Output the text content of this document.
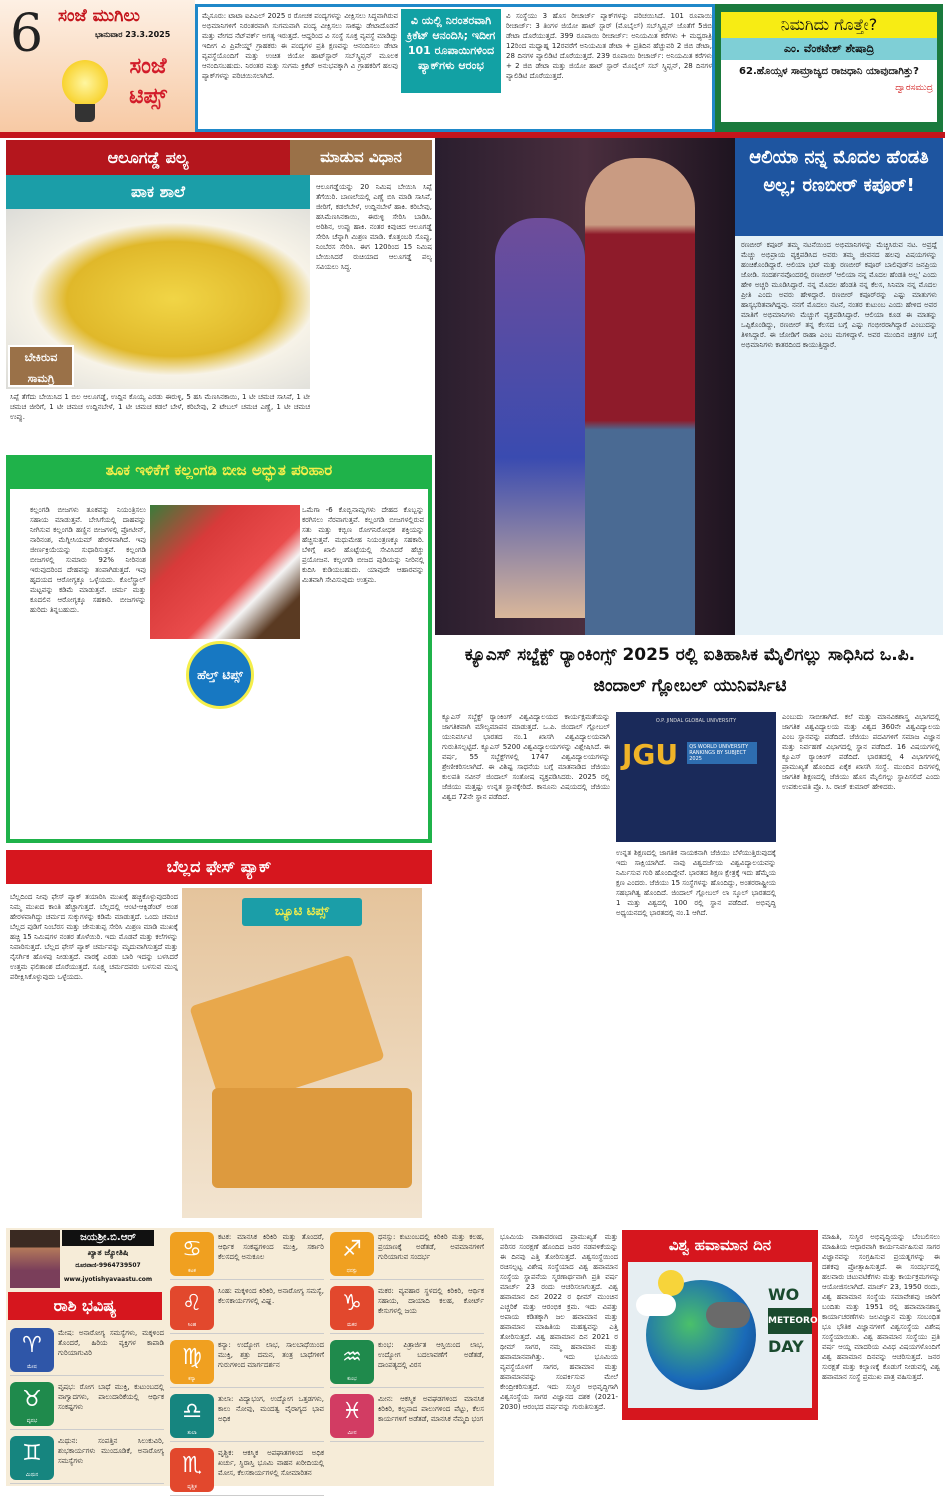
6 ಸಂಜೆ ಮುಗಿಲು
ಭಾನುವಾರ 23.3.2025
ಸಂಜೆ ಟಿಪ್ಸ್
ಮೈಸೂರು: ಟಾಟಾ ಐಪಿಎಲ್ 2025 ರ ರೋಚಕ ಪಂದ್ಯಗಳನ್ನು ವೀಕ್ಷಿಸಲು ಸಿದ್ಧವಾಗಿರುವ ಅಭಿಮಾನಿಗಳಿಗೆ ನಿರಂತರವಾಗಿ ಸುಗಮವಾಗಿ ಪಂದ್ಯ ವೀಕ್ಷಿಸಲು ಸಾಕಷ್ಟು ಡೇಟಾದೊಡನೆ ಮತ್ತು ವೇಗದ ನೆಟ್‌ವರ್ಕ್ ಅಗತ್ಯ ಇರುತ್ತದೆ. ಆದ್ದರಿಂದ ವಿ ಸಂಸ್ಥೆ ಸೂಕ್ತ ವ್ಯವಸ್ಥೆ ಮಾಡಿದ್ದು ಇದೀಗ ವಿ ಪ್ರಿಪೇಯ್ಡ್ ಗ್ರಾಹಕರು ಈ ಪಂದ್ಯಗಳ ಪ್ರತಿ ಕ್ಷಣವನ್ನು ಆನಂದಿಸಲು ಡೇಟಾ ವ್ಯವಸ್ಥೆಯೊಂದಿಗೆ ಮತ್ತು ಉಚಿತ ಜಿಯೋ ಹಾಟ್‌ಸ್ಟಾರ್ ಸಬ್‌ಸ್ಕ್ರಿಪ್ಷನ್ ಮೂಲಕ ಆನಂದಿಸಬಹುದು. ನಿರಂತರ ಮತ್ತು ಸುಗಮ ಕ್ರಿಕೆಟ್ ಅನುಭವಕ್ಕಾಗಿ ವಿ ಗ್ರಾಹಕರಿಗೆ ಹಲವು ಪ್ಯಾಕ್‌ಗಳನ್ನು ಪರಿಚಯಿಸಲಾಗಿದೆ.
ವಿ ಯಲ್ಲಿ ನಿರಂತರವಾಗಿ ಕ್ರಿಕೆಟ್ ಆನಂದಿಸಿ; ಇದೀಗ 101 ರೂಪಾಯಿಗಳಿಂದ ಪ್ಯಾಕ್‌ಗಳು ಆರಂಭ
ವಿ ಸಂಸ್ಥೆಯು 3 ಹೊಸ ರೀಚಾರ್ಜ್ ಪ್ಯಾಕ್‌ಗಳನ್ನು ಪರಿಚಯಿಸಿದೆ. 101 ರೂಪಾಯಿ ರೀಚಾರ್ಜ್: 3 ತಿಂಗಳ ಜಿಯೋ ಹಾಟ್ ಸ್ಟಾರ್ (ಮೊಬೈಲ್) ಸಬ್‌ಸ್ಕ್ರಿಪ್ಷನ್ ಜೊತೆಗೆ 5ಜಿಬಿ ಡೇಟಾ ದೊರೆಯುತ್ತದೆ. 399 ರೂಪಾಯಿ ರೀಚಾರ್ಜ್: ಅನಿಯಮಿತ ಕರೆಗಳು + ಮಧ್ಯರಾತ್ರಿ 12ರಿಂದ ಮಧ್ಯಾಹ್ನ 12ರವರೆಗೆ ಅನಿಯಮಿತ ಡೇಟಾ + ಪ್ರತಿದಿನ ಹೆಚ್ಚುವರಿ 2 ಜಿಬಿ ಡೇಟಾ, 28 ದಿನಗಳ ವ್ಯಾಲಿಡಿಟಿ ದೊರೆಯುತ್ತದೆ. 239 ರೂಪಾಯಿ ರೀಚಾರ್ಜ್: ಅನಿಯಮಿತ ಕರೆಗಳು + 2 ಜಿಬಿ ಡೇಟಾ ಮತ್ತು ಜಿಯೋ ಹಾಟ್ ಸ್ಟಾರ್ ಮೊಬೈಲ್ ಸಬ್ ಸ್ಕ್ರಿಪ್ಷನ್, 28 ದಿನಗಳ ವ್ಯಾಲಿಡಿಟಿ ದೊರೆಯುತ್ತದೆ.
ನಿಮಗಿದು ಗೊತ್ತೇ?
ಎಂ. ವೆಂಕಟೇಶ್ ಶೇಷಾದ್ರಿ
62.ಹೊಯ್ಸಳ ಸಾಮ್ರಾಜ್ಯದ ರಾಜಧಾನಿ ಯಾವುದಾಗಿತ್ತು?
ದ್ವಾರಸಮುದ್ರ
ಆಲೂಗಡ್ಡೆ ಪಲ್ಯ	ಮಾಡುವ ವಿಧಾನ
ಪಾಕ ಶಾಲೆ
ಬೇಕಿರುವ ಸಾಮಗ್ರಿ
ಆಲೂಗಡ್ಡೆಯನ್ನು 20 ನಿಮಿಷ ಬೇಯಿಸಿ ಸಿಪ್ಪೆ ತೆಗೆಯಿರಿ. ಬಾಣಲೆಯಲ್ಲಿ ಎಣ್ಣೆ ಬಿಸಿ ಮಾಡಿ ಸಾಸಿವೆ, ಜೀರಿಗೆ, ಕಡಲೆಬೇಳೆ, ಉದ್ದಿನಬೇಳೆ ಹಾಕಿ. ಕರಿಬೇವು, ಹಸಿಮೆಣಸಿನಕಾಯಿ, ಈರುಳ್ಳಿ ಸೇರಿಸಿ ಬಾಡಿಸಿ. ಅರಿಶಿನ, ಉಪ್ಪು ಹಾಕಿ. ನಂತರ ಕಿವುಚಿದ ಆಲೂಗಡ್ಡೆ ಸೇರಿಸಿ ಚೆನ್ನಾಗಿ ಮಿಶ್ರಣ ಮಾಡಿ. ಕೊತ್ತಂಬರಿ ಸೊಪ್ಪು, ನಿಂಬೆರಸ ಸೇರಿಸಿ. ಈಗ 120ರಿಂದ 15 ನಿಮಿಷ ಬೇಯಿಸಿದರೆ ರುಚಿಯಾದ ಆಲೂಗಡ್ಡೆ ಪಲ್ಯ ಸವಿಯಲು ಸಿದ್ಧ.
ಸಿಪ್ಪೆ ತೆಗೆದು ಬೇಯಿಸಿದ 1 ಬಿಲ ಆಲೂಗಡ್ಡೆ, ಉದ್ದಿನ ಕೊಯ್ಯ ಎರಡು ಈರುಳ್ಳಿ, 5 ಹಸಿ ಮೆಣಸಿನಕಾಯಿ, 1 ಟೀ ಚಮಚ ಸಾಸಿವೆ, 1 ಟೀ ಚಮಚ ಜೀರಿಗೆ, 1 ಟೀ ಚಮಚ ಉದ್ದಿನಬೇಳೆ, 1 ಟೀ ಚಮಚ ಕಡಲೆ ಬೇಳೆ, ಕರಿಬೇವು, 2 ಟೇಬಲ್ ಚಮಚ ಎಣ್ಣೆ, 1 ಟೀ ಚಮಚ ಉಪ್ಪು.
ತೂಕ ಇಳಿಕೆಗೆ ಕಲ್ಲಂಗಡಿ ಬೀಜ ಅದ್ಭುತ ಪರಿಹಾರ
ಕಲ್ಲಂಗಡಿ ಬೀಜಗಳು ತೂಕವನ್ನು ನಿಯಂತ್ರಿಸಲು ಸಹಾಯ ಮಾಡುತ್ತವೆ. ಬೇಸಿಗೆಯಲ್ಲಿ ದಾಹವನ್ನು ನೀಗಿಸುವ ಕಲ್ಲಂಗಡಿ ಹಣ್ಣಿನ ಬೀಜಗಳಲ್ಲಿ ಪ್ರೋಟೀನ್, ನಾರಿನಂಶ, ಮೆಗ್ನೀಸಿಯಮ್ ಹೇರಳವಾಗಿದೆ. ಇವು ಜೀರ್ಣಕ್ರಿಯೆಯನ್ನು ಸುಧಾರಿಸುತ್ತವೆ. ಕಲ್ಲಂಗಡಿ ಬೀಜಗಳಲ್ಲಿ ಸುಮಾರು 92% ನೀರಿನಂಶ ಇರುವುದರಿಂದ ದೇಹವನ್ನು ತಂಪಾಗಿಡುತ್ತದೆ. ಇವು ಹೃದಯದ ಆರೋಗ್ಯಕ್ಕೂ ಒಳ್ಳೆಯದು. ಕೊಲೆಸ್ಟ್ರಾಲ್ ಮಟ್ಟವನ್ನು ಕಡಿಮೆ ಮಾಡುತ್ತವೆ. ಚರ್ಮ ಮತ್ತು ಕೂದಲಿನ ಆರೋಗ್ಯಕ್ಕೂ ಸಹಕಾರಿ. ಬೀಜಗಳನ್ನು ಹುರಿದು ತಿನ್ನಬಹುದು.
ಹೆಲ್ತ್ ಟಿಪ್ಸ್
ಒಮೆಗಾ -6 ಕೊಬ್ಬಿನಾಮ್ಲಗಳು ದೇಹದ ಕೊಬ್ಬನ್ನು ಕರಗಿಸಲು ನೆರವಾಗುತ್ತವೆ. ಕಲ್ಲಂಗಡಿ ಬೀಜಗಳಲ್ಲಿರುವ ಸತು ಮತ್ತು ಕಬ್ಬಿಣ ರೋಗನಿರೋಧಕ ಶಕ್ತಿಯನ್ನು ಹೆಚ್ಚಿಸುತ್ತವೆ. ಮಧುಮೇಹ ನಿಯಂತ್ರಣಕ್ಕೂ ಸಹಕಾರಿ. ಬೆಳಿಗ್ಗೆ ಖಾಲಿ ಹೊಟ್ಟೆಯಲ್ಲಿ ಸೇವಿಸಿದರೆ ಹೆಚ್ಚು ಪ್ರಯೋಜನ. ಕಲ್ಲಂಗಡಿ ಬೀಜದ ಪುಡಿಯನ್ನು ನೀರಿನಲ್ಲಿ ಕುದಿಸಿ ಕುಡಿಯಬಹುದು. ಯಾವುದೇ ಆಹಾರವನ್ನು ಮಿತವಾಗಿ ಸೇವಿಸುವುದು ಉತ್ತಮ.
ಬೆಲ್ಲದ ಫೇಸ್ ಪ್ಯಾಕ್
ಬೆಲ್ಲದಿಂದ ನೀವು ಫೇಸ್ ಪ್ಯಾಕ್ ತಯಾರಿಸಿ ಮುಖಕ್ಕೆ ಹಚ್ಚಿಕೊಳ್ಳುವುದರಿಂದ ನಿಮ್ಮ ಮುಖದ ಕಾಂತಿ ಹೆಚ್ಚಾಗುತ್ತದೆ. ಬೆಲ್ಲದಲ್ಲಿ ಆಂಟಿ-ಆಕ್ಸಿಡೆಂಟ್ ಅಂಶ ಹೇರಳವಾಗಿದ್ದು ಚರ್ಮದ ಸುಕ್ಕುಗಳನ್ನು ಕಡಿಮೆ ಮಾಡುತ್ತದೆ. ಒಂದು ಚಮಚ ಬೆಲ್ಲದ ಪುಡಿಗೆ ನಿಂಬೆರಸ ಮತ್ತು ಜೇನುತುಪ್ಪ ಸೇರಿಸಿ ಮಿಶ್ರಣ ಮಾಡಿ ಮುಖಕ್ಕೆ ಹಚ್ಚಿ 15 ನಿಮಿಷಗಳ ನಂತರ ತೊಳೆಯಿರಿ. ಇದು ಮೊಡವೆ ಮತ್ತು ಕಲೆಗಳನ್ನು ನಿವಾರಿಸುತ್ತದೆ. ಬೆಲ್ಲದ ಫೇಸ್ ಪ್ಯಾಕ್ ಚರ್ಮವನ್ನು ಮೃದುವಾಗಿಸುತ್ತದೆ ಮತ್ತು ನೈಸರ್ಗಿಕ ಹೊಳಪು ನೀಡುತ್ತದೆ. ವಾರಕ್ಕೆ ಎರಡು ಬಾರಿ ಇದನ್ನು ಬಳಸಿದರೆ ಉತ್ತಮ ಫಲಿತಾಂಶ ದೊರೆಯುತ್ತದೆ. ಸೂಕ್ಷ್ಮ ಚರ್ಮದವರು ಬಳಸುವ ಮುನ್ನ ಪರೀಕ್ಷಿಸಿಕೊಳ್ಳುವುದು ಒಳ್ಳೆಯದು.
ಬ್ಯೂಟಿ ಟಿಪ್ಸ್
ಆಲಿಯಾ ನನ್ನ ಮೊದಲ ಹೆಂಡತಿ ಅಲ್ಲ; ರಣಬೀರ್ ಕಪೂರ್!
ರಣಬೀರ್ ಕಪೂರ್ ತಮ್ಮ ನಟನೆಯಿಂದ ಅಭಿಮಾನಿಗಳನ್ನು ಮೆಚ್ಚಿಸಿರುವ ನಟ. ಅವ್ರದ್ದೆ ಮೆಚ್ಚು ಅಭಿಪ್ರಾಯ ವ್ಯಕ್ತಪಡಿಸಿದ ಅವರು ತಮ್ಮ ಜೀವನದ ಹಲವು ವಿಷಯಗಳನ್ನು ಹಂಚಿಕೊಂಡಿದ್ದಾರೆ. ಆಲಿಯಾ ಭಟ್ ಮತ್ತು ರಣಬೀರ್ ಕಪೂರ್ ಬಾಲಿವುಡ್‌ನ ಜನಪ್ರಿಯ ಜೋಡಿ. ಸಂದರ್ಶನವೊಂದರಲ್ಲಿ ರಣಬೀರ್ 'ಆಲಿಯಾ ನನ್ನ ಮೊದಲ ಹೆಂಡತಿ ಅಲ್ಲ' ಎಂದು ಹೇಳಿ ಅಚ್ಚರಿ ಮೂಡಿಸಿದ್ದಾರೆ. ನನ್ನ ಮೊದಲ ಹೆಂಡತಿ ನನ್ನ ಕೆಲಸ, ಸಿನಿಮಾ ನನ್ನ ಮೊದಲ ಪ್ರೀತಿ ಎಂದು ಅವರು ಹೇಳಿದ್ದಾರೆ. ರಣಬೀರ್ ಕಪೂರ್‌ರನ್ನು ಎಷ್ಟು ಮಾತುಗಳು ಹಾಸ್ಯಭರಿತವಾಗಿದ್ದವು. ನನಗೆ ಮೊದಲು ನಟನೆ, ನಂತರ ಕುಟುಂಬ ಎಂದು ಹೇಳಿದ ಅವರ ಮಾತಿಗೆ ಅಭಿಮಾನಿಗಳು ಮೆಚ್ಚುಗೆ ವ್ಯಕ್ತಪಡಿಸಿದ್ದಾರೆ. ಆಲಿಯಾ ಕೂಡ ಈ ಮಾತನ್ನು ಒಪ್ಪಿಕೊಂಡಿದ್ದು, ರಣಬೀರ್ ತನ್ನ ಕೆಲಸದ ಬಗ್ಗೆ ಎಷ್ಟು ಗಂಭೀರರಾಗಿದ್ದಾರೆ ಎಂಬುದನ್ನು ತಿಳಿಸಿದ್ದಾರೆ. ಈ ಜೋಡಿಗೆ ರಾಹಾ ಎಂಬ ಮಗಳಿದ್ದಾಳೆ. ಅವರ ಮುಂದಿನ ಚಿತ್ರಗಳ ಬಗ್ಗೆ ಅಭಿಮಾನಿಗಳು ಕಾತರದಿಂದ ಕಾಯುತ್ತಿದ್ದಾರೆ.
ಕ್ಯೂಎಸ್ ಸಬ್ಜೆಕ್ಟ್ ರ‍್ಯಾಂಕಿಂಗ್ಸ್ 2025 ರಲ್ಲಿ ಐತಿಹಾಸಿಕ ಮೈಲಿಗಲ್ಲು ಸಾಧಿಸಿದ ಒ.ಪಿ. ಜಿಂದಾಲ್ ಗ್ಲೋಬಲ್ ಯುನಿವರ್ಸಿಟಿ
ಕ್ಯೂಎಸ್ ಸಬ್ಜೆಕ್ಟ್ ರ‍್ಯಾಂಕಿಂಗ್ ವಿಶ್ವವಿದ್ಯಾಲಯದ ಕಾರ್ಯಕ್ಷಮತೆಯನ್ನು ಜಾಗತಿಕವಾಗಿ ಮೌಲ್ಯಮಾಪನ ಮಾಡುತ್ತದೆ. ಒ.ಪಿ. ಜಿಂದಾಲ್ ಗ್ಲೋಬಲ್ ಯುನಿವರ್ಸಿಟಿ ಭಾರತದ ನಂ.1 ಖಾಸಗಿ ವಿಶ್ವವಿದ್ಯಾಲಯವಾಗಿ ಗುರುತಿಸಲ್ಪಟ್ಟಿದೆ. ಕ್ಯೂಎಸ್ 5200 ವಿಶ್ವವಿದ್ಯಾಲಯಗಳನ್ನು ವಿಶ್ಲೇಷಿಸಿದೆ. ಈ ವರ್ಷ, 55 ಸಬ್ಜೆಕ್ಟ್‌ಗಳಲ್ಲಿ 1747 ವಿಶ್ವವಿದ್ಯಾಲಯಗಳನ್ನು ಶ್ರೇಣೀಕರಿಸಲಾಗಿದೆ. ಈ ವಿಶಿಷ್ಟ ಸಾಧನೆಯ ಬಗ್ಗೆ ಮಾತನಾಡಿದ ಜೆಜಿಯು ಕುಲಪತಿ ನವೀನ್ ಜಿಂದಾಲ್ ಸಂತೋಷ ವ್ಯಕ್ತಪಡಿಸಿದರು. 2025 ರಲ್ಲಿ ಜೆಜಿಯು ಮತ್ತಷ್ಟು ಉನ್ನತ ಸ್ಥಾನಕ್ಕೇರಿದೆ. ಕಾನೂನು ವಿಷಯದಲ್ಲಿ ಜೆಜಿಯು ವಿಶ್ವದ 72ನೇ ಸ್ಥಾನ ಪಡೆದಿದೆ.
O.P. JINDAL GLOBAL UNIVERSITY
JGU QS WORLD UNIVERSITY RANKINGS BY SUBJECT 2025
ಉನ್ನತ ಶಿಕ್ಷಣದಲ್ಲಿ ಜಾಗತಿಕ ನಾಯಕನಾಗಿ ಜೆಜಿಯು ಬೆಳೆಯುತ್ತಿರುವುದಕ್ಕೆ ಇದು ಸಾಕ್ಷಿಯಾಗಿದೆ. ನಾವು ವಿಶ್ವದರ್ಜೆಯ ವಿಶ್ವವಿದ್ಯಾಲಯವನ್ನು ನಿರ್ಮಿಸುವ ಗುರಿ ಹೊಂದಿದ್ದೇವೆ. ಭಾರತದ ಶಿಕ್ಷಣ ಕ್ಷೇತ್ರಕ್ಕೆ ಇದು ಹೆಮ್ಮೆಯ ಕ್ಷಣ ಎಂದರು. ಜೆಜಿಯು 15 ಸಂಸ್ಥೆಗಳನ್ನು ಹೊಂದಿದ್ದು, ಅಂತರರಾಷ್ಟ್ರೀಯ ಸಹಭಾಗಿತ್ವ ಹೊಂದಿದೆ. ಜಿಂದಾಲ್ ಗ್ಲೋಬಲ್ ಲಾ ಸ್ಕೂಲ್ ಭಾರತದಲ್ಲಿ 1 ಮತ್ತು ವಿಶ್ವದಲ್ಲಿ 100 ರಲ್ಲಿ ಸ್ಥಾನ ಪಡೆದಿದೆ. ಅಭಿವೃದ್ಧಿ ಅಧ್ಯಯನದಲ್ಲಿ ಭಾರತದಲ್ಲಿ ನಂ.1 ಆಗಿದೆ.
ಎಂಬುದು ಸಾಬೀತಾಗಿದೆ. ಕಲೆ ಮತ್ತು ಮಾನವಿಕಶಾಸ್ತ್ರ ವಿಭಾಗದಲ್ಲಿ ಜಾಗತಿಕ ವಿಶ್ವವಿದ್ಯಾಲಯ ಮತ್ತು ವಿಶ್ವದ 360ನೇ ವಿಶ್ವವಿದ್ಯಾಲಯ ಎಂಬ ಸ್ಥಾನವನ್ನು ಪಡೆದಿದೆ. ಜೆಜಿಯು ಪದವಿಗಳಿಗೆ ಸಮಾಜ ವಿಜ್ಞಾನ ಮತ್ತು ನಿರ್ವಹಣೆ ವಿಭಾಗದಲ್ಲಿ ಸ್ಥಾನ ಪಡೆದಿದೆ. 16 ವಿಷಯಗಳಲ್ಲಿ ಕ್ಯೂಎಸ್ ರ‍್ಯಾಂಕಿಂಗ್ ಪಡೆದಿದೆ. ಭಾರತದಲ್ಲಿ 4 ವಿಭಾಗಗಳಲ್ಲಿ ಪ್ರಾಮುಖ್ಯತೆ ಹೊಂದಿದ ಏಕೈಕ ಖಾಸಗಿ ಸಂಸ್ಥೆ. ಮುಂದಿನ ದಿನಗಳಲ್ಲಿ ಜಾಗತಿಕ ಶಿಕ್ಷಣದಲ್ಲಿ ಜೆಜಿಯು ಹೊಸ ಮೈಲಿಗಲ್ಲು ಸ್ಥಾಪಿಸಲಿದೆ ಎಂದು ಉಪಕುಲಪತಿ ಪ್ರೊ. ಸಿ. ರಾಜ್ ಕುಮಾರ್ ಹೇಳಿದರು.
ಜಯಶ್ರೀ.ಬಿ.ಆರ್
ಖ್ಯಾತ ಜ್ಯೋತಿಷಿ
ದೂರವಾಣಿ-9964739507
www.jyotishyavaastu.com
ರಾಶಿ ಭವಿಷ್ಯ
♈
ಮೇಷ
ಮೇಷ: ಅನಾರೋಗ್ಯ ಸಮಸ್ಯೆಗಳು, ಮಕ್ಕಳಿಂದ ತೊಂದರೆ, ಹಿರಿಯ ವ್ಯಕ್ತಿಗಳ ಕಾಪಾಡಿ ಗುರಿಯಾಗುವಿರಿ
♉
ವೃಷಭ
ವೃಷಭ: ರೋಗ ಬಾಧೆ ಮುಕ್ತಿ, ಕುಟುಂಬದಲ್ಲಿ ವಾಗ್ವಾದಗಳು, ಪಾಲುದಾರಿಕೆಯಲ್ಲಿ ಆರ್ಥಿಕ ಸಂಕಷ್ಟಗಳು
♊
ಮಿಥುನ
ಮಿಥುನ: ಸಂಪತ್ತಿನ ಸಿಲುಕುವಿರಿ, ಶುಭಕಾರ್ಯಗಳು ಮುಂದೂಡಿಕೆ, ಅನಾರೋಗ್ಯ ಸಮಸ್ಯೆಗಳು
♋
ಕಟಕ
ಕಟಕ: ಮಾನಸಿಕ ಕಿರಿಕಿರಿ ಮತ್ತು ತೊಂದರೆ, ಆರ್ಥಿಕ ಸಂಕಷ್ಟಗಳಿಂದ ಮುಕ್ತಿ, ಸರ್ಕಾರಿ ಕೆಲಸದಲ್ಲಿ ಅನುಕೂಲ
♌
ಸಿಂಹ
ಸಿಂಹ: ಮಕ್ಕಳಿಂದ ಕಿರಿಕಿರಿ, ಅನಾರೋಗ್ಯ ಸಮಸ್ಯೆ, ಕೆಲಸಕಾರ್ಯಗಳಲ್ಲಿ ವಿಘ್ನ.
♍
ಕನ್ಯಾ
ಕನ್ಯಾ: ಉದ್ಯೋಗ ಲಾಭ, ಸಾಲಬಾಧೆಯಿಂದ ಮುಕ್ತಿ, ಶತ್ರು ದಮನ, ತಂತ್ರ ಬಾಧೆಗಳಿಗೆ ಗುರುಗಳಿಂದ ಮಾರ್ಗದರ್ಶನ
♎
ತುಲಾ
ತುಲಾ: ವಿದ್ಯಾಭಂಗ, ಉದ್ಯೋಗ ಒತ್ತಡಗಳು, ಕಾಲು ನೋವು, ಮಂದತ್ವ ವೈರಾಗ್ಯದ ಭಾವ ಅಧಿಕ
♏
ವೃಶ್ಚಿಕ
ವೃಶ್ಚಿಕ: ಆಕಸ್ಮಿಕ ಅಪಘಾತಗಳಿಂದ ಅಧಿಕ ಖರ್ಚು, ಸ್ಥಿರಾಸ್ತಿ ಭೂಮಿ ವಾಹನ ಖರೀದಿಯಲ್ಲಿ ಮೋಸ, ಕೆಲಸಕಾರ್ಯಗಳಲ್ಲಿ ಸೋಮಾರಿತನ
♐
ಧನಸ್ಸು
ಧನಸ್ಸು: ಕುಟುಂಬದಲ್ಲಿ ಕಿರಿಕಿರಿ ಮತ್ತು ಕಲಹ, ಪ್ರಯಾಣಕ್ಕೆ ಅಡೆತಡೆ, ಅವಮಾನಗಳಿಗೆ ಗುರಿಯಾಗುವ ಸಂದರ್ಭ
♑
ಮಕರ
ಮಕರ: ವ್ಯವಹಾರ ಸ್ಥಳದಲ್ಲಿ ಕಿರಿಕಿರಿ, ಆರ್ಥಿಕ ಸಹಾಯ, ದಾಯಾದಿ ಕಲಹ, ಕೋರ್ಟ್ ಕೇಸುಗಳಲ್ಲಿ ಜಯ
♒
ಕುಂಭ
ಕುಂಭ: ಪಿತ್ರಾರ್ಜಿತ ಆಸ್ತಿಯಿಂದ ಲಾಭ, ಉದ್ಯೋಗ ಬದಲಾವಣೆಗೆ ಅಡೆತಡೆ, ದಾಂಪತ್ಯದಲ್ಲಿ ವಿರಸ
♓
ಮೀನ
ಮೀನ: ಆಕಸ್ಮಿಕ ಅವಘಡಗಳಿಂದ ಮಾನಸಿಕ ಕಿರಿಕಿರಿ, ಕಲ್ಪನಾದ ಪಾಲುಗಳಿಂದ ಪೆಟ್ಟು, ಕೆಲಸ ಕಾರ್ಯಗಳಿಗೆ ಅಡೆತಡೆ, ಮಾನಸಿಕ ನೆಮ್ಮದಿ ಭಂಗ
ಭೂಮಿಯ ವಾತಾವರಣದ ಪ್ರಾಮುಖ್ಯತೆ ಮತ್ತು ಪರಿಸರ ಸಂರಕ್ಷಣೆ ಹೊಂದಿದ ಜನರ ನಡವಳಿಕೆಯನ್ನು ಈ ದಿನವು ಎತ್ತಿ ತೋರಿಸುತ್ತದೆ. ವಿಶ್ವಸಂಸ್ಥೆಯಿಂದ ರಚಿಸಲ್ಪಟ್ಟ ವಿಶೇಷ ಸಂಸ್ಥೆಯಾದ ವಿಶ್ವ ಹವಾಮಾನ ಸಂಸ್ಥೆಯ ಸ್ಥಾಪನೆಯ ಸ್ಮರಣಾರ್ಥವಾಗಿ ಪ್ರತಿ ವರ್ಷ ಮಾರ್ಚ್ 23 ರಂದು ಆಚರಿಸಲಾಗುತ್ತದೆ. ವಿಶ್ವ ಹವಾಮಾನ ದಿನ 2022 ರ ಥೀಮ್ ಮುಂಚಿನ ಎಚ್ಚರಿಕೆ ಮತ್ತು ಆರಂಭಿಕ ಕ್ರಮ. ಇದು ವಿಪತ್ತು ಅಪಾಯ ಕಡಿತಕ್ಕಾಗಿ ಜಲ ಹವಾಮಾನ ಮತ್ತು ಹವಾಮಾನ ಮಾಹಿತಿಯ ಮಹತ್ವವನ್ನು ಎತ್ತಿ ತೋರಿಸುತ್ತದೆ. ವಿಶ್ವ ಹವಾಮಾನ ದಿನ 2021 ರ ಥೀಮ್ ಸಾಗರ, ನಮ್ಮ ಹವಾಮಾನ ಮತ್ತು ಹವಾಮಾನವಾಗಿತ್ತು. ಇದು ಭೂಮಿಯ ವ್ಯವಸ್ಥೆಯೊಳಗೆ ಸಾಗರ, ಹವಾಮಾನ ಮತ್ತು ಹವಾಮಾನವನ್ನು ಸಂಪರ್ಕಿಸುವ ಮೇಲೆ ಕೇಂದ್ರೀಕರಿಸುತ್ತದೆ. ಇದು ಸುಸ್ಥಿರ ಅಭಿವೃದ್ಧಿಗಾಗಿ ವಿಶ್ವಸಂಸ್ಥೆಯ ಸಾಗರ ವಿಜ್ಞಾನದ ದಶಕ (2021-2030) ಆರಂಭದ ವರ್ಷವನ್ನು ಗುರುತಿಸುತ್ತದೆ.
ವಿಶ್ವ ಹವಾಮಾನ ದಿನ
WO
METEORO
DAY
ಮಾಹಿತಿ, ಸುಸ್ಥಿರ ಅಭಿವೃದ್ಧಿಯನ್ನು ಬೆಂಬಲಿಸಲು ಮಾಹಿತಿಯ ಆಧಾರವಾಗಿ ಕಾರ್ಯನಿರ್ವಹಿಸುವ ಸಾಗರ ವಿಜ್ಞಾನವನ್ನು ಸಂಗ್ರಹಿಸುವ ಪ್ರಯತ್ನಗಳನ್ನು ಈ ದಶಕವು ಪ್ರೋತ್ಸಾಹಿಸುತ್ತದೆ. ಈ ಸಂದರ್ಭದಲ್ಲಿ ಹಲವಾರು ಚಟುವಟಿಕೆಗಳು ಮತ್ತು ಕಾರ್ಯಕ್ರಮಗಳನ್ನು ಆಯೋಜಿಸಲಾಗಿದೆ. ಮಾರ್ಚ್ 23, 1950 ರಂದು, ವಿಶ್ವ ಹವಾಮಾನ ಸಂಸ್ಥೆಯ ಸಮಾವೇಶವು ಜಾರಿಗೆ ಬಂದಿತು ಮತ್ತು 1951 ರಲ್ಲಿ ಹವಾಮಾನಶಾಸ್ತ್ರ ಕಾರ್ಯಾಚರಣೆಗಳು ಜಲವಿಜ್ಞಾನ ಮತ್ತು ಸಂಬಂಧಿತ ಭೂ ಭೌತಿಕ ವಿಜ್ಞಾನಗಳಿಗೆ ವಿಶ್ವಸಂಸ್ಥೆಯ ವಿಶೇಷ ಸಂಸ್ಥೆಯಾಯಿತು. ವಿಶ್ವ ಹವಾಮಾನ ಸಂಸ್ಥೆಯು ಪ್ರತಿ ವರ್ಷ ಆಯ್ದ ಮಾದರಿಯ ವಿವಿಧ ವಿಷಯಗಳೊಂದಿಗೆ ವಿಶ್ವ ಹವಾಮಾನ ದಿನವನ್ನು ಆಚರಿಸುತ್ತದೆ. ಜನರ ಸುರಕ್ಷತೆ ಮತ್ತು ಕಲ್ಯಾಣಕ್ಕೆ ಕೊಡುಗೆ ನೀಡುವಲ್ಲಿ ವಿಶ್ವ ಹವಾಮಾನ ಸಂಸ್ಥೆ ಪ್ರಮುಖ ಪಾತ್ರ ವಹಿಸುತ್ತದೆ.
